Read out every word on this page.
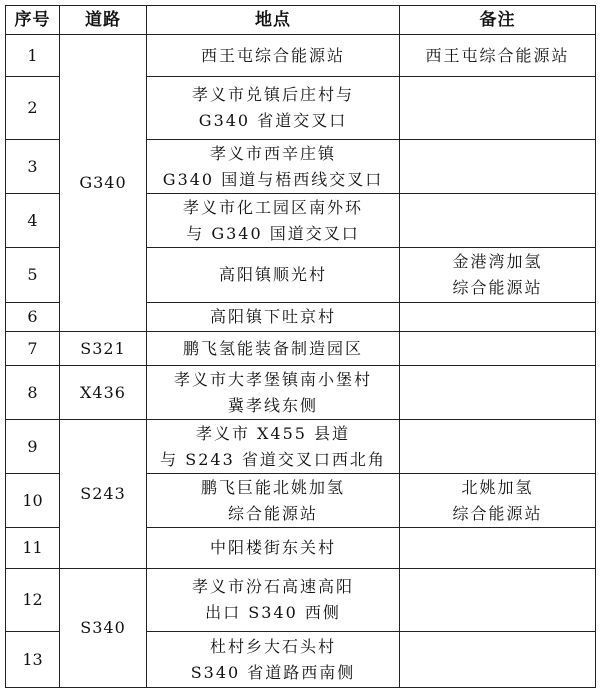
序号	道路	地点	备注
1	G340	西王屯综合能源站	西王屯综合能源站

2		孝义市兑镇后庄村与
G340 省道交叉口	

3		孝义市西辛庄镇
G340 国道与梧西线交叉口	

4		孝义市化工园区南外环
与 G340 国道交叉口	

5		高阳镇顺光村	金港湾加氢
综合能源站

6		高阳镇下吐京村	

7	S321	鹏飞氢能装备制造园区	

8	X436	孝义市大孝堡镇南小堡村
冀孝线东侧	

9	S243	孝义市 X455 县道
与 S243 省道交叉口西北角	

10		鹏飞巨能北姚加氢
综合能源站	北姚加氢
综合能源站

11		中阳楼街东关村	

12	S340	孝义市汾石高速高阳
出口 S340 西侧	

13		杜村乡大石头村
S340 省道路西南侧	
